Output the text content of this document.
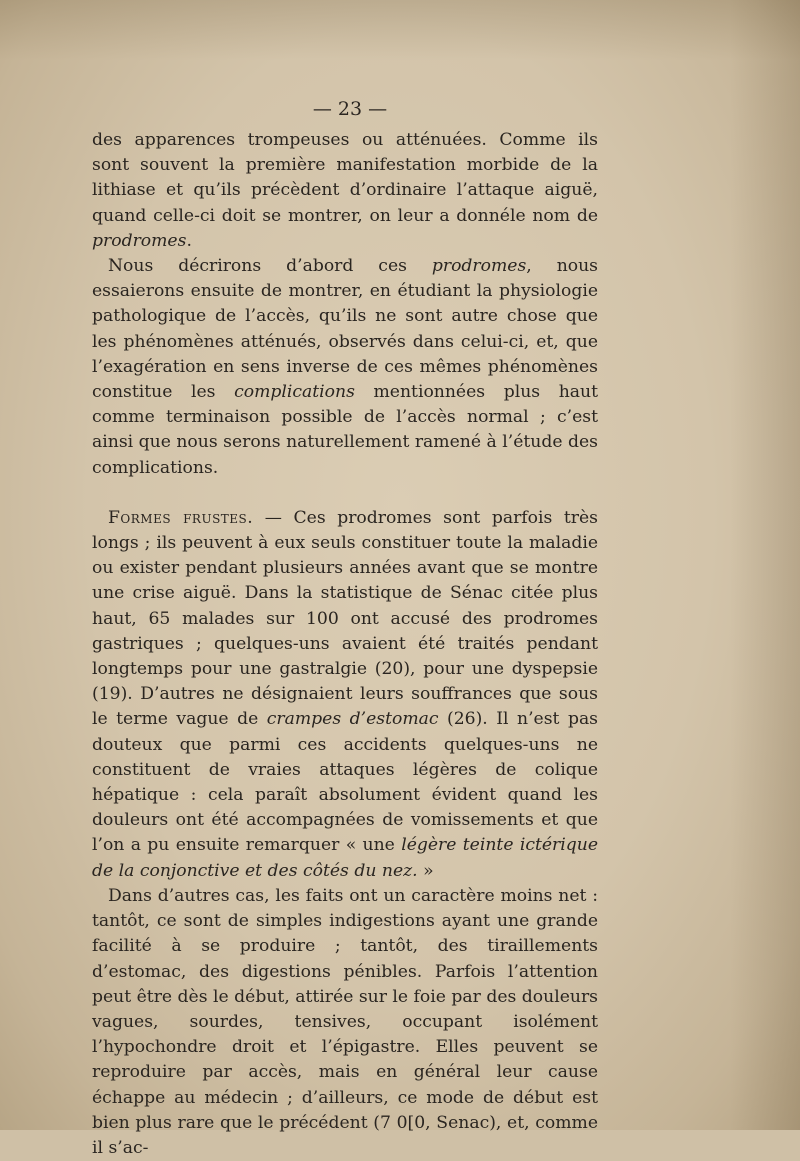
— 23 —

des apparences trompeuses ou atténuées. Comme ils sont souvent la première manifestation morbide de la lithiase et qu’ils précèdent d’ordinaire l’attaque aiguë, quand celle-ci doit se montrer, on leur a donnéle nom de prodromes.

Nous décrirons d’abord ces prodromes, nous essaierons ensuite de montrer, en étudiant la physiologie pathologique de l’accès, qu’ils ne sont autre chose que les phénomènes atténués, observés dans celui-ci, et, que l’exagération en sens inverse de ces mêmes phénomènes constitue les complications mentionnées plus haut comme terminaison possible de l’accès normal ; c’est ainsi que nous serons naturellement ramené à l’étude des complications.

Formes frustes. — Ces prodromes sont parfois très longs ; ils peuvent à eux seuls constituer toute la maladie ou exister pendant plusieurs années avant que se montre une crise aiguë. Dans la statistique de Sénac citée plus haut, 65 malades sur 100 ont accusé des prodromes gastriques ; quelques-uns avaient été traités pendant longtemps pour une gastralgie (20), pour une dyspepsie (19). D’autres ne désignaient leurs souffrances que sous le terme vague de crampes d’estomac (26). Il n’est pas douteux que parmi ces accidents quelques-uns ne constituent de vraies attaques légères de colique hépatique : cela paraît absolument évident quand les douleurs ont été accompagnées de vomissements et que l’on a pu ensuite remarquer « une légère teinte ictérique de la conjonctive et des côtés du nez. »

Dans d’autres cas, les faits ont un caractère moins net : tantôt, ce sont de simples indigestions ayant une grande facilité à se produire ; tantôt, des tiraillements d’estomac, des digestions pénibles. Parfois l’attention peut être dès le début, attirée sur le foie par des douleurs vagues, sourdes, tensives, occupant isolément l’hypochondre droit et l’épigastre. Elles peuvent se reproduire par accès, mais en général leur cause échappe au médecin ; d’ailleurs, ce mode de début est bien plus rare que le précédent (7 0[0, Senac), et, comme il s’ac-
